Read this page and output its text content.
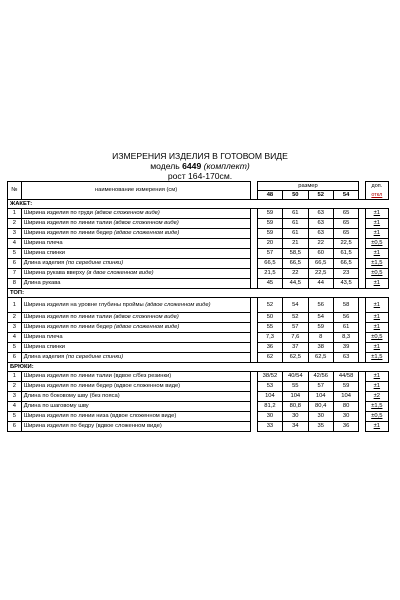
ИЗМЕРЕНИЯ ИЗДЕЛИЯ В ГОТОВОМ ВИДЕ
модель 6449 (комплект)
рост 164-170см.
№	наименование измерения (см)		размер					доп.
			48	50	52	54		откл
ЖАКЕТ:								
1	Ширина изделия по груди (вдвое сложенном виде)		59	61	63	65		±1
2	Ширина изделия по линии талии (вдвое сложенном виде)		59	61	63	65		±1
3	Ширина изделия по линии бедер (вдвое сложенном виде)		59	61	63	65		±1
4	Ширина плеча		20	21	22	22,5		±0,5
5	Ширина спинки		57	58,5	60	61,5		±1
6	Длина изделия (по середине спинки)		66,5	66,5	66,5	66,5		±1,5
7	Ширина рукава вверху (в двое сложенном виде)		21,5	22	22,5	23		±0,5
8	Длина рукава		45	44,5	44	43,5		±1
ТОП:								
1	Ширина изделия на уровне глубины проймы (вдвое сложенном виде)		52	54	56	58		±1
2	Ширина изделия по линии талии (вдвое сложенном виде)		50	52	54	56		±1
3	Ширина изделия по линии бедер (вдвое сложенном виде)		55	57	59	61		±1
4	Ширина плеча		7,3	7,6	8	8,3		±0,5
5	Ширина спинки		36	37	38	39		±1
6	Длина изделия (по середине спинки)		62	62,5	62,5	63		±1,5
БРЮКИ:								
1	Ширина изделия по линии талии (вдвое с/без резинки)		38/52	40/54	42/56	44/58		±1
2	Ширина изделия по линии бедер (вдвое сложенном виде)		53	55	57	59		±1
3	Длина по боковому шву (без пояса)		104	104	104	104		±2
4	Длина по шаговому шву		81,2	80,8	80,4	80		±1,5
5	Ширина изделия по линии низа (вдвое сложенном виде)		30	30	30	30		±0,5
6	Ширина изделия по бедру (вдвое сложенном виде)		33	34	35	36		±1
